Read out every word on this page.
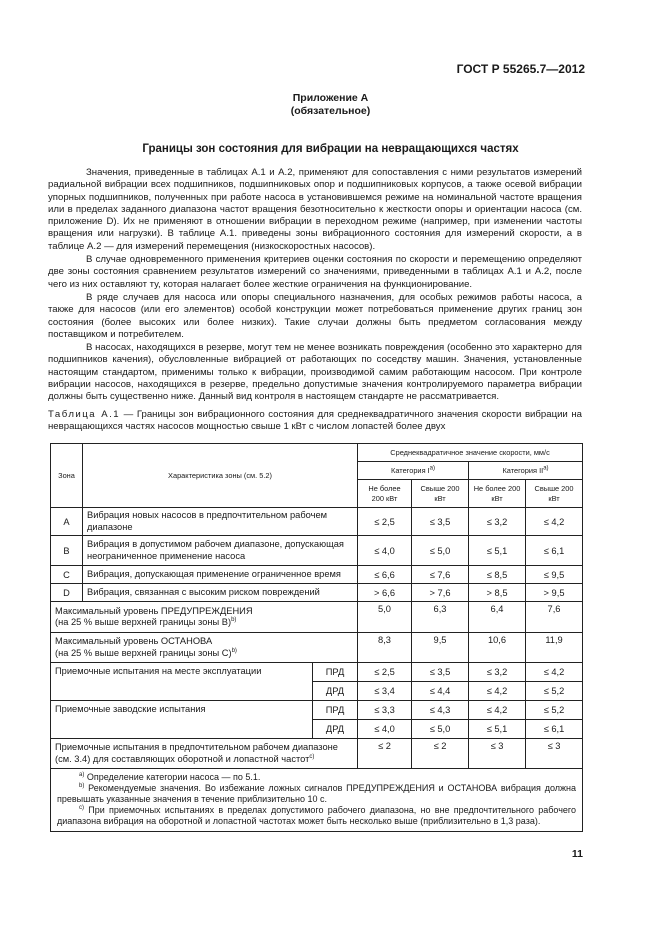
ГОСТ Р 55265.7—2012
Приложение А
(обязательное)
Границы зон состояния для вибрации на невращающихся частях

Значения, приведенные в таблицах А.1 и А.2, применяют для сопоставления с ними результатов измерений радиальной вибрации всех подшипников, подшипниковых опор и подшипниковых корпусов, а также осевой вибрации упорных подшипников, полученных при работе насоса в установившемся режиме на номинальной частоте вращения или в пределах заданного диапазона частот вращения безотносительно к жесткости опоры и ориентации насоса (см. приложение D). Их не применяют в отношении вибрации в переходном режиме (например, при изменении частоты вращения или нагрузки). В таблице А.1. приведены зоны вибрационного состояния для измерений скорости, а в таблице А.2 — для измерений перемещения (низкоскоростных насосов).

В случае одновременного применения критериев оценки состояния по скорости и перемещению определяют две зоны состояния сравнением результатов измерений со значениями, приведенными в таблицах А.1 и А.2, после чего из них оставляют ту, которая налагает более жесткие ограничения на функционирование.

В ряде случаев для насоса или опоры специального назначения, для особых режимов работы насоса, а также для насосов (или его элементов) особой конструкции может потребоваться применение других границ зон состояния (более высоких или более низких). Такие случаи должны быть предметом согласования между поставщиком и потребителем.

В насосах, находящихся в резерве, могут тем не менее возникать повреждения (особенно это характерно для подшипников качения), обусловленные вибрацией от работающих по соседству машин. Значения, установленные настоящим стандартом, применимы только к вибрации, производимой самим работающим насосом. При контроле вибрации насосов, находящихся в резерве, предельно допустимые значения контролируемого параметра вибрации должны быть существенно ниже. Данный вид контроля в настоящем стандарте не рассматривается.

Таблица А.1 — Границы зон вибрационного состояния для среднеквадратичного значения скорости вибрации на невращающихся частях насосов мощностью свыше 1 кВт с числом лопастей более двух
Зона	Характеристика зоны (см. 5.2)		Среднеквадратичное значение скорости, мм/с			
			Категория $I^{a)}$		Категория II$^{a)}$
			Не более 200 кВт	Свыше 200 кВт	Не более 200 кВт	Свыше 200 кВт
A	Вибрация новых насосов в предпочтительном рабочем диапазоне		≤ 2,5	≤ 3,5	≤ 3,2	≤ 4,2
B	Вибрация в допустимом рабочем диапазоне, допускающая неограниченное применение насоса		≤ 4,0	≤ 5,0	≤ 5,1	≤ 6,1
C	Вибрация, допускающая применение ограниченное время		≤ 6,6	≤ 7,6	≤ 8,5	≤ 9,5
D	Вибрация, связанная с высоким риском повреждений		> 6,6	> 7,6	> 8,5	> 9,5
Максимальный уровень ПРЕДУПРЕЖДЕНИЯ
(на 25 % выше верхней границы зоны В)$^{b)}$			5,0	6,3	6,4	7,6
Максимальный уровень ОСТАНОВА
(на 25 % выше верхней границы зоны С)$^{b)}$			8,3	9,5	10,6	11,9
Приемочные испытания на месте эксплуатации		ПРД	≤ 2,5	≤ 3,5	≤ 3,2	≤ 4,2
		ДРД	≤ 3,4	≤ 4,4	≤ 4,2	≤ 5,2
Приемочные заводские испытания		ПРД	≤ 3,3	≤ 4,3	≤ 4,2	≤ 5,2
		ДРД	≤ 4,0	≤ 5,0	≤ 5,1	≤ 6,1
Приемочные испытания в предпочтительном рабочем диапазоне (см. 3.4) для составляющих оборотной и лопастной частот$^{c)}$			≤ 2	≤ 2	≤ 3	≤ 3

$^{a)}$ Определение категории насоса — по 5.1.

$^{b)}$ Рекомендуемые значения. Во избежание ложных сигналов ПРЕДУПРЕЖДЕНИЯ и ОСТАНОВА вибрация должна превышать указанные значения в течение приблизительно 10 с.

$^{c)}$ При приемочных испытаниях в пределах допустимого рабочего диапазона, но вне предпочтительного рабочего диапазона вибрация на оборотной и лопастной частотах может быть несколько выше (приблизительно в 1,3 раза).						

11
